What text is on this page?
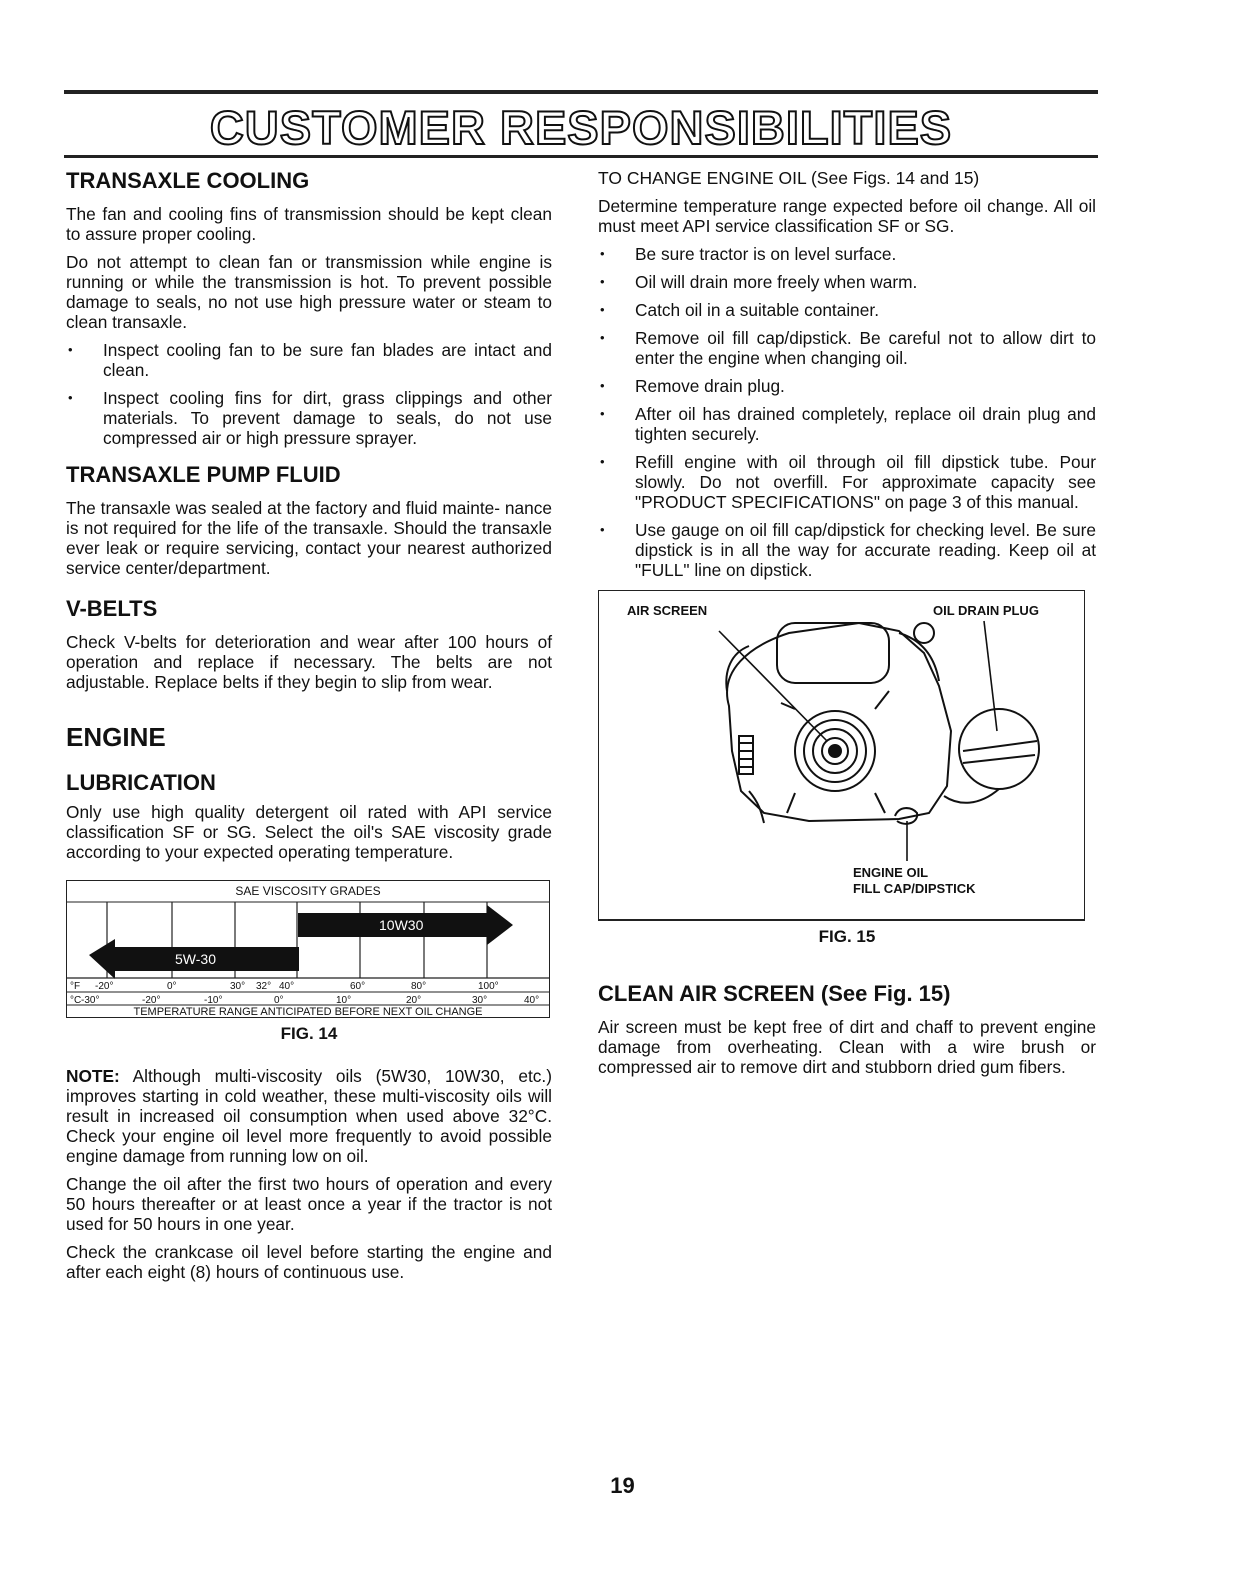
CUSTOMER RESPONSIBILITIES
TRANSAXLE COOLING

The fan and cooling fins of transmission should be kept clean to assure proper cooling.

Do not attempt to clean fan or transmission while engine is running or while the transmission is hot. To prevent possible damage to seals, no not use high pressure water or steam to clean transaxle.

• Inspect cooling fan to be sure fan blades are intact and clean.
• Inspect cooling fins for dirt, grass clippings and other materials. To prevent damage to seals, do not use compressed air or high pressure sprayer.
TRANSAXLE PUMP FLUID

The transaxle was sealed at the factory and fluid mainte- nance is not required for the life of the transaxle. Should the transaxle ever leak or require servicing, contact your nearest authorized service center/department.

V-BELTS

Check V-belts for deterioration and wear after 100 hours of operation and replace if necessary. The belts are not adjustable. Replace belts if they begin to slip from wear.

ENGINE
LUBRICATION

Only use high quality detergent oil rated with API service classification SF or SG. Select the oil's SAE viscosity grade according to your expected operating temperature.

5W-30
10W30
°F -20°	0°	30° 32° 40°	60°	80°	100°
°C -30°	-20°	-10°	0°	10°	20°	30°	40°
SAE VISCOSITY GRADES
TEMPERATURE RANGE ANTICIPATED BEFORE NEXT OIL CHANGE
FIG. 14

NOTE: Although multi-viscosity oils (5W30, 10W30, etc.) improves starting in cold weather, these multi-viscosity oils will result in increased oil consumption when used above 32°C. Check your engine oil level more frequently to avoid possible engine damage from running low on oil.

Change the oil after the first two hours of operation and every 50 hours thereafter or at least once a year if the tractor is not used for 50 hours in one year.

Check the crankcase oil level before starting the engine and after each eight (8) hours of continuous use.

TO CHANGE ENGINE OIL (See Figs. 14 and 15)

Determine temperature range expected before oil change. All oil must meet API service classification SF or SG.

• Be sure tractor is on level surface.
• Oil will drain more freely when warm.
• Catch oil in a suitable container.
• Remove oil fill cap/dipstick. Be careful not to allow dirt to enter the engine when changing oil.
• Remove drain plug.
• After oil has drained completely, replace oil drain plug and tighten securely.
• Refill engine with oil through oil fill dipstick tube. Pour slowly. Do not overfill. For approximate capacity see "PRODUCT SPECIFICATIONS" on page 3 of this manual.
• Use gauge on oil fill cap/dipstick for checking level. Be sure dipstick is in all the way for accurate reading. Keep oil at "FULL" line on dipstick.
AIR SCREEN	OIL DRAIN PLUG
ENGINE OIL
FILL CAP/DIPSTICK
FIG. 15
CLEAN AIR SCREEN (See Fig. 15)

Air screen must be kept free of dirt and chaff to prevent engine damage from overheating. Clean with a wire brush or compressed air to remove dirt and stubborn dried gum fibers.

19
